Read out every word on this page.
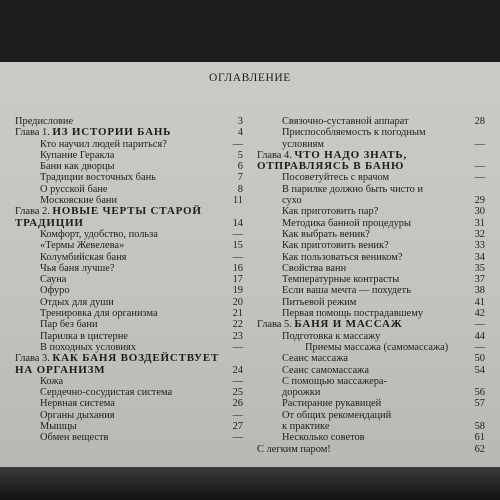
ОГЛАВЛЕНИЕ
Предисловие	3
Глава 1. ИЗ ИСТОРИИ БАНЬ	4
Кто научил людей париться?	—
Купание Геракла	5
Бани как дворцы	6
Традиции восточных бань	7
О русской бане	8
Московские бани	11
Глава 2. НОВЫЕ ЧЕРТЫ СТАРОЙ
ТРАДИЦИИ	14
Комфорт, удобство, польза	—
«Термы Жевелева»	15
Колумбийская баня	—
Чья баня лучше?	16
Сауна	17
Офуро	19
Отдых для души	20
Тренировка для организма	21
Пар без бани	22
Парилка в цистерне	23
В походных условиях	—
Глава 3. КАК БАНЯ ВОЗДЕЙСТВУЕТ
НА ОРГАНИЗМ	24
Кожа	—
Сердечно-сосудистая система	25
Нервная система	26
Органы дыхания	—
Мышцы	27
Обмен веществ	—
Связочно-суставной аппарат	28
Приспособляемость к погодным
условиям	—
Глава 4. ЧТО НАДО ЗНАТЬ,
ОТПРАВЛЯЯСЬ В БАНЮ	—
Посоветуйтесь с врачом	—
В парилке должно быть чисто и
сухо	29
Как приготовить пар?	30
Методика банной процедуры	31
Как выбрать веник?	32
Как приготовить веник?	33
Как пользоваться веником?	34
Свойства ванн	35
Температурные контрасты	37
Если ваша мечта — похудеть	38
Питьевой режим	41
Первая помощь пострадавшему	42
Глава 5. БАНЯ И МАССАЖ	—
Подготовка к массажу	44
Приемы массажа (самомассажа)	—
Сеанс массажа	50
Сеанс самомассажа	54
С помощью массажера-
дорожки	56
Растирание рукавицей	57
От общих рекомендаций
к практике	58
Несколько советов	61
С легким паром!	62
